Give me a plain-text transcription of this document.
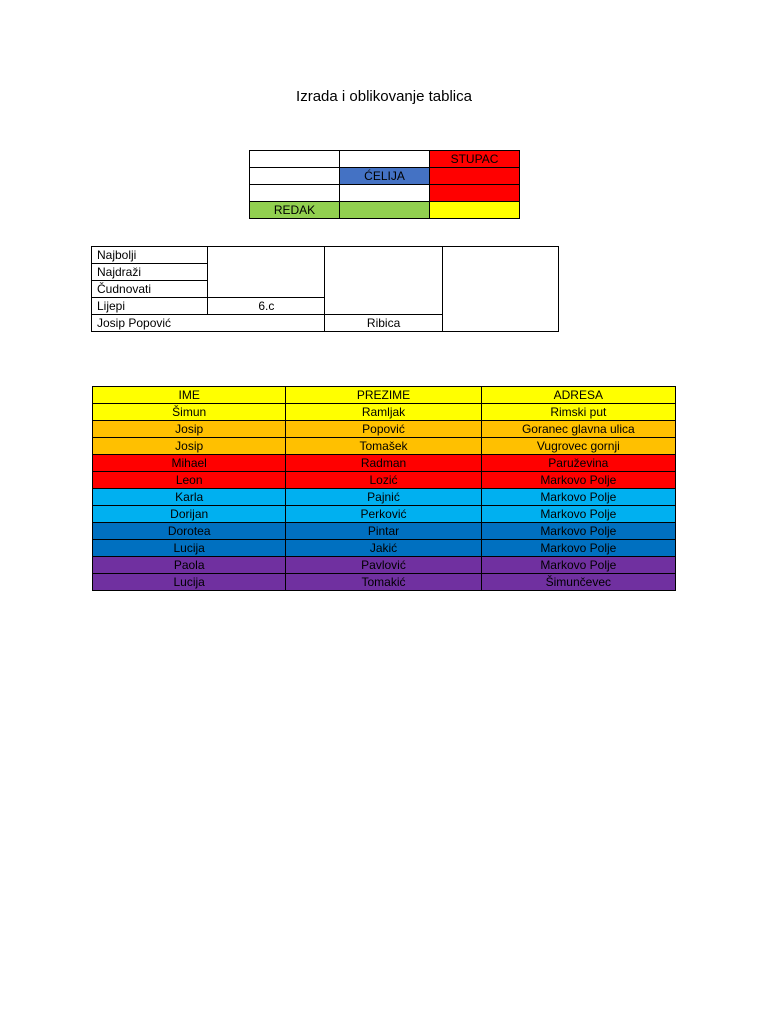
Izrada i oblikovanje tablica
		STUPAC
	ĆELIJA	

REDAK		
Najbolji			
Najdraži			
Čudnovati			
Lijepi	6.c		
Josip Popović		Ribica	
IME	PREZIME	ADRESA
Šimun	Ramljak	Rimski put
Josip	Popović	Goranec glavna ulica
Josip	Tomašek	Vugrovec gornji
Mihael	Radman	Paruževina
Leon	Lozić	Markovo Polje
Karla	Pajnić	Markovo Polje
Dorijan	Perković	Markovo Polje
Dorotea	Pintar	Markovo Polje
Lucija	Jakić	Markovo Polje
Paola	Pavlović	Markovo Polje
Lucija	Tomakić	Šimunčevec
